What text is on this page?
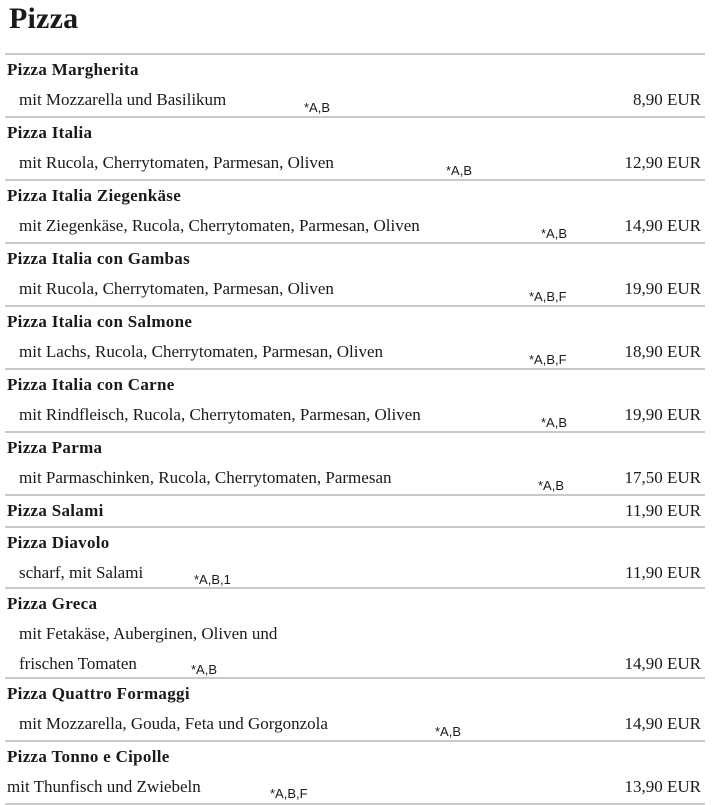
Pizza
Pizza Margherita
mit Mozzarella und Basilikum	*A,B	8,90 EUR
Pizza Italia
mit Rucola, Cherrytomaten, Parmesan, Oliven	*A,B	12,90 EUR
Pizza Italia Ziegenkäse
mit Ziegenkäse, Rucola, Cherrytomaten, Parmesan, Oliven	*A,B	14,90 EUR
Pizza Italia con Gambas
mit Rucola, Cherrytomaten, Parmesan, Oliven	*A,B,F	19,90 EUR
Pizza Italia con Salmone
mit Lachs, Rucola, Cherrytomaten, Parmesan, Oliven	*A,B,F	18,90 EUR
Pizza Italia con Carne
mit Rindfleisch, Rucola, Cherrytomaten, Parmesan, Oliven	*A,B	19,90 EUR
Pizza Parma
mit Parmaschinken, Rucola, Cherrytomaten, Parmesan	*A,B	17,50 EUR
Pizza Salami	11,90 EUR
Pizza Diavolo
scharf, mit Salami	*A,B,1	11,90 EUR
Pizza Greca
mit Fetakäse, Auberginen, Oliven und
frischen Tomaten	*A,B	14,90 EUR
Pizza Quattro Formaggi
mit Mozzarella, Gouda, Feta und Gorgonzola	*A,B	14,90 EUR
Pizza Tonno e Cipolle
mit Thunfisch und Zwiebeln	*A,B,F	13,90 EUR
